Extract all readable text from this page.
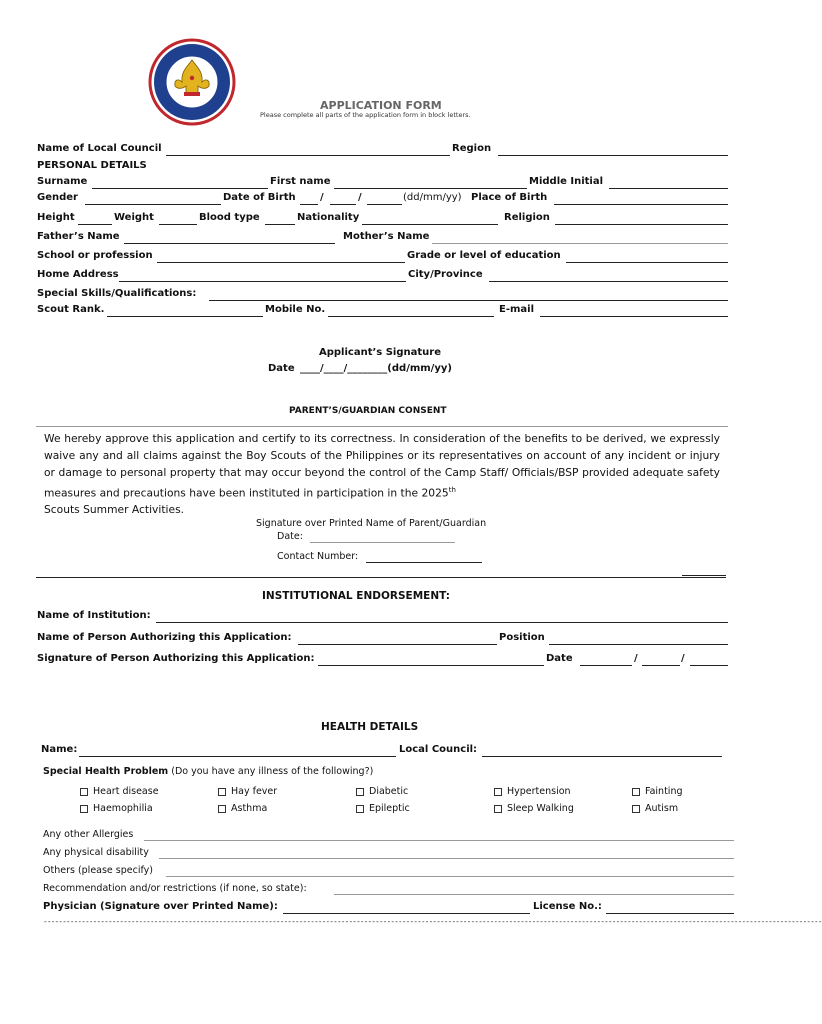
APPLICATION FORM
Please complete all parts of the application form in block letters.
Name of Local Council	Region
PERSONAL DETAILS
Surname	First name	Middle Initial
Gender	Date of Birth /	/	(dd/mm/yy) Place of Birth
Height	Weight	Blood type	Nationality	Religion
Father’s Name	Mother’s Name
School or profession	Grade or level of education
Home Address	City/Province
Special Skills/Qualifications:
Scout Rank.	Mobile No.	E-mail
Applicant’s Signature
Date ____/____/________(dd/mm/yy)
PARENT’S/GUARDIAN CONSENT
We hereby approve this application and certify to its correctness. In consideration of the benefits to be derived, we expressly waive any and all claims against the Boy Scouts of the Philippines or its representatives on account of any incident or injury or damage to personal property that may occur beyond the control of the Camp Staff/ Officials/BSP provided adequate safety measures and precautions have been instituted in participation in the 2025th
Scouts Summer Activities.
Signature over Printed Name of Parent/Guardian
Date:
Contact Number:
INSTITUTIONAL ENDORSEMENT:
Name of Institution:
Name of Person Authorizing this Application:	Position
Signature of Person Authorizing this Application:	Date	/	/
HEALTH DETAILS
Name:	Local Council:
Special Health Problem (Do you have any illness of the following?)
Heart disease	Hay fever	Diabetic	Hypertension	Fainting
Haemophilia	Asthma	Epileptic	Sleep Walking	Autism
Any other Allergies
Any physical disability
Others (please specify)
Recommendation and/or restrictions (if none, so state):
Physician (Signature over Printed Name):	License No.:
------------------------------------------------------------------------------------------------------------------------------------------------------------------------------------------------------------
